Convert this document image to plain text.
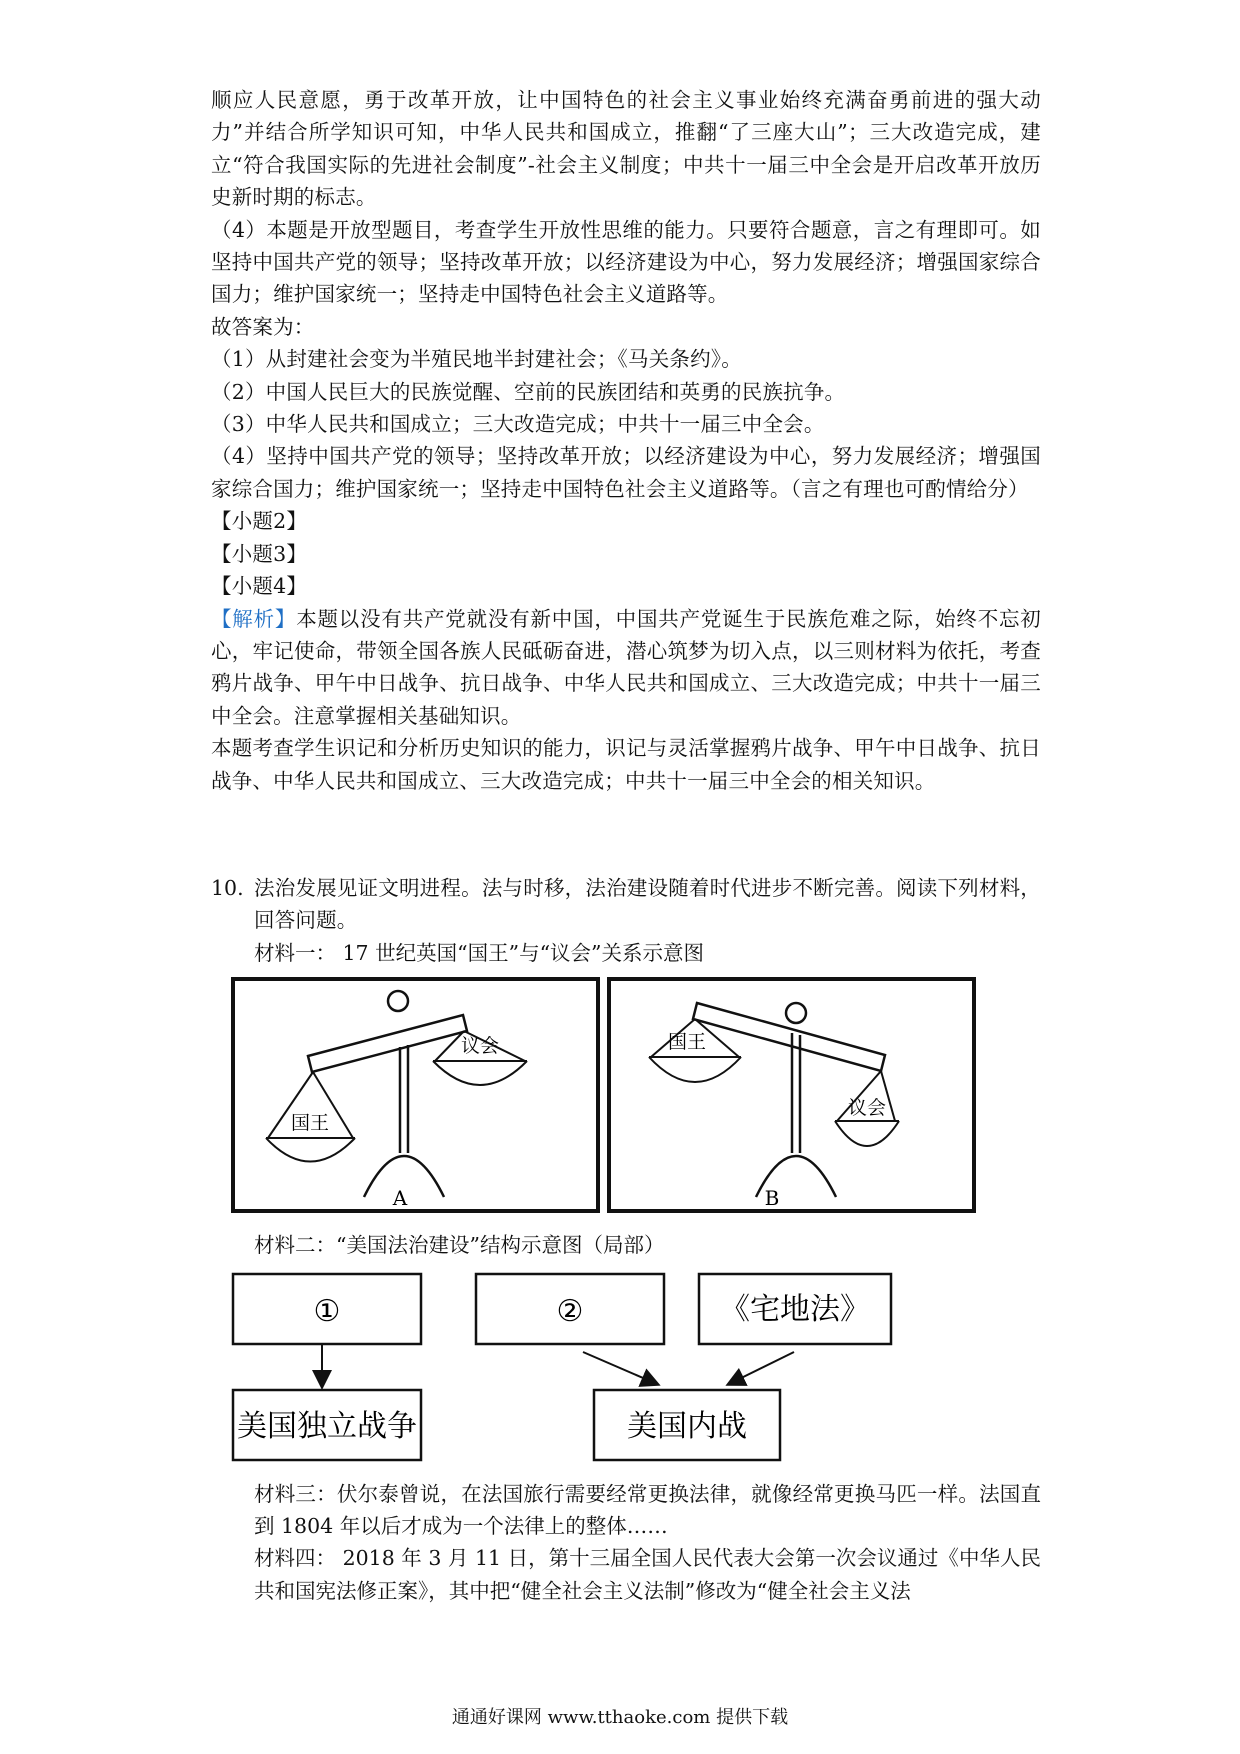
顺应人民意愿，勇于改革开放，让中国特色的社会主义事业始终充满奋勇前进的强大动力”并结合所学知识可知，中华人民共和国成立，推翻“了三座大山”；三大改造完成，建立“符合我国实际的先进社会制度”-社会主义制度；中共十一届三中全会是开启改革开放历史新时期的标志。

（4）本题是开放型题目，考查学生开放性思维的能力。只要符合题意，言之有理即可。如坚持中国共产党的领导；坚持改革开放；以经济建设为中心，努力发展经济；增强国家综合国力；维护国家统一；坚持走中国特色社会主义道路等。

故答案为：

（1）从封建社会变为半殖民地半封建社会；《马关条约》。

（2）中国人民巨大的民族觉醒、空前的民族团结和英勇的民族抗争。

（3）中华人民共和国成立；三大改造完成；中共十一届三中全会。

（4）坚持中国共产党的领导；坚持改革开放；以经济建设为中心，努力发展经济；增强国家综合国力；维护国家统一；坚持走中国特色社会主义道路等。（言之有理也可酌情给分）

【小题2】

【小题3】

【小题4】

【解析】本题以没有共产党就没有新中国，中国共产党诞生于民族危难之际，始终不忘初心，牢记使命，带领全国各族人民砥砺奋进，潜心筑梦为切入点，以三则材料为依托，考查鸦片战争、甲午中日战争、抗日战争、中华人民共和国成立、三大改造完成；中共十一届三中全会。注意掌握相关基础知识。

本题考查学生识记和分析历史知识的能力，识记与灵活掌握鸦片战争、甲午中日战争、抗日战争、中华人民共和国成立、三大改造完成；中共十一届三中全会的相关知识。

10. 法治发展见证文明进程。法与时移，法治建设随着时代进步不断完善。阅读下列材料，回答问题。

材料一： 17 世纪英国“国王”与“议会”关系示意图

国王
议会
A
国王
议会
B

材料二：“美国法治建设”结构示意图（局部）

①	②	《宅地法》
美国独立战争	美国内战

材料三：伏尔泰曾说，在法国旅行需要经常更换法律，就像经常更换马匹一样。法国直到 1804 年以后才成为一个法律上的整体……

材料四： 2018 年 3 月 11 日，第十三届全国人民代表大会第一次会议通过《中华人民共和国宪法修正案》，其中把“健全社会主义法制”修改为“健全社会主义法

通通好课网 www.tthaoke.com 提供下载
